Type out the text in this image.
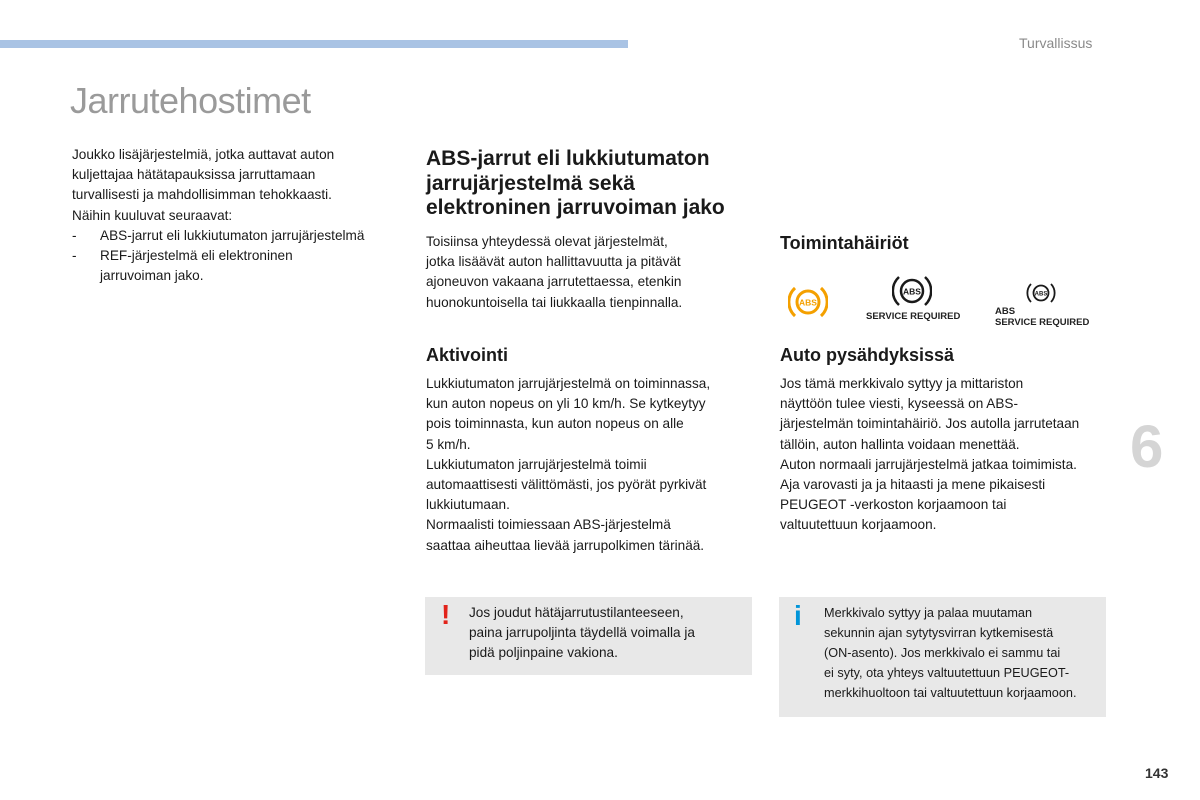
Turvallissus
Jarrutehostimet

Joukko lisäjärjestelmiä, jotka auttavat auton

kuljettajaa hätätapauksissa jarruttamaan

turvallisesti ja mahdollisimman tehokkaasti.

Näihin kuuluvat seuraavat:

- ABS-jarrut eli lukkiutumaton jarrujärjestelmä

- REF-järjestelmä eli elektroninen

jarruvoiman jako.

ABS-jarrut eli lukkiutumaton
jarrujärjestelmä sekä
elektroninen jarruvoiman jako

Toisiinsa yhteydessä olevat järjestelmät,

jotka lisäävät auton hallittavuutta ja pitävät

ajoneuvon vakaana jarrutettaessa, etenkin

huonokuntoisella tai liukkaalla tienpinnalla.

Aktivointi

Lukkiutumaton jarrujärjestelmä on toiminnassa,

kun auton nopeus on yli 10 km/h. Se kytkeytyy

pois toiminnasta, kun auton nopeus on alle

5 km/h.

Lukkiutumaton jarrujärjestelmä toimii

automaattisesti välittömästi, jos pyörät pyrkivät

lukkiutumaan.

Normaalisti toimiessaan ABS-järjestelmä

saattaa aiheuttaa lievää jarrupolkimen tärinää.

Toimintahäiriöt
ABS
ABS
SERVICE REQUIRED
ABS
ABS
SERVICE REQUIRED
Auto pysähdyksissä

Jos tämä merkkivalo syttyy ja mittariston

näyttöön tulee viesti, kyseessä on ABS-

järjestelmän toimintahäiriö. Jos autolla jarrutetaan

tällöin, auton hallinta voidaan menettää.

Auton normaali jarrujärjestelmä jatkaa toimimista.

Aja varovasti ja ja hitaasti ja mene pikaisesti

PEUGEOT -verkoston korjaamoon tai

valtuutettuun korjaamoon.

! Jos joudut hätäjarrutustilanteeseen,

paina jarrupoljinta täydellä voimalla ja

pidä poljinpaine vakiona.

i Merkkivalo syttyy ja palaa muutaman

sekunnin ajan sytytysvirran kytkemisestä

(ON-asento). Jos merkkivalo ei sammu tai

ei syty, ota yhteys valtuutettuun PEUGEOT-

merkkihuoltoon tai valtuutettuun korjaamoon.

6
143
